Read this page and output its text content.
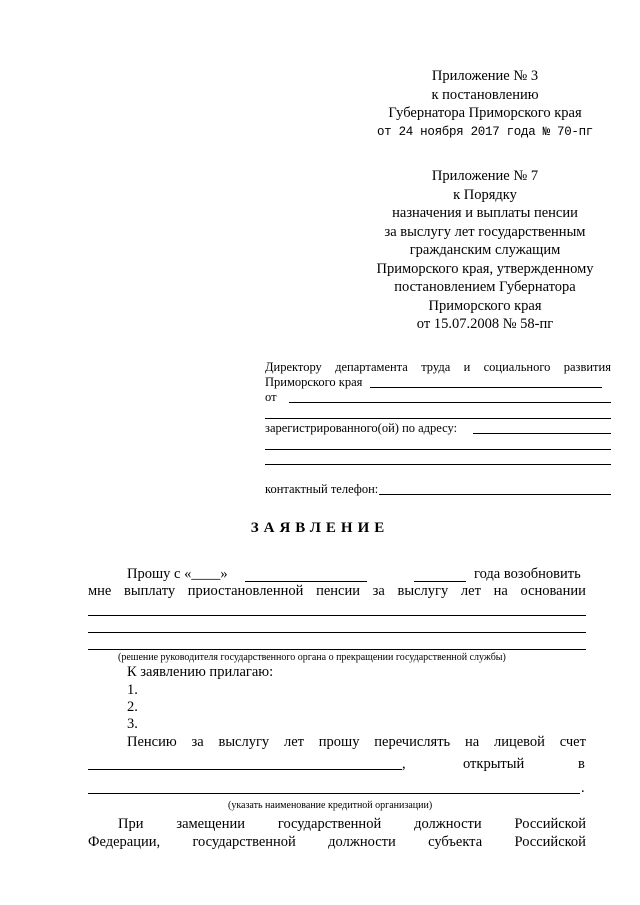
Приложение № 3
к постановлению
Губернатора Приморского края
от 24 ноября 2017 года № 70-пг
Приложение № 7
к Порядку
назначения и выплаты пенсии
за выслугу лет государственным
гражданским служащим
Приморского края, утвержденному
постановлением Губернатора
Приморского края
от 15.07.2008 № 58-пг
Директору департамента труда и социального развития
Приморского края
от
зарегистрированного(ой) по адресу:
контактный телефон:
ЗАЯВЛЕНИЕ
Прошу с «____»	года возобновить
мне выплату приостановленной пенсии за выслугу лет на основании
(решение руководителя государственного органа о прекращении государственной службы)
К заявлению прилагаю:
1.
2.
3.
Пенсию за выслугу лет прошу перечислять на лицевой счет
,	открытый	в
.
(указать наименование кредитной организации)
При замещении государственной должности Российской
Федерации, государственной должности субъекта Российской
